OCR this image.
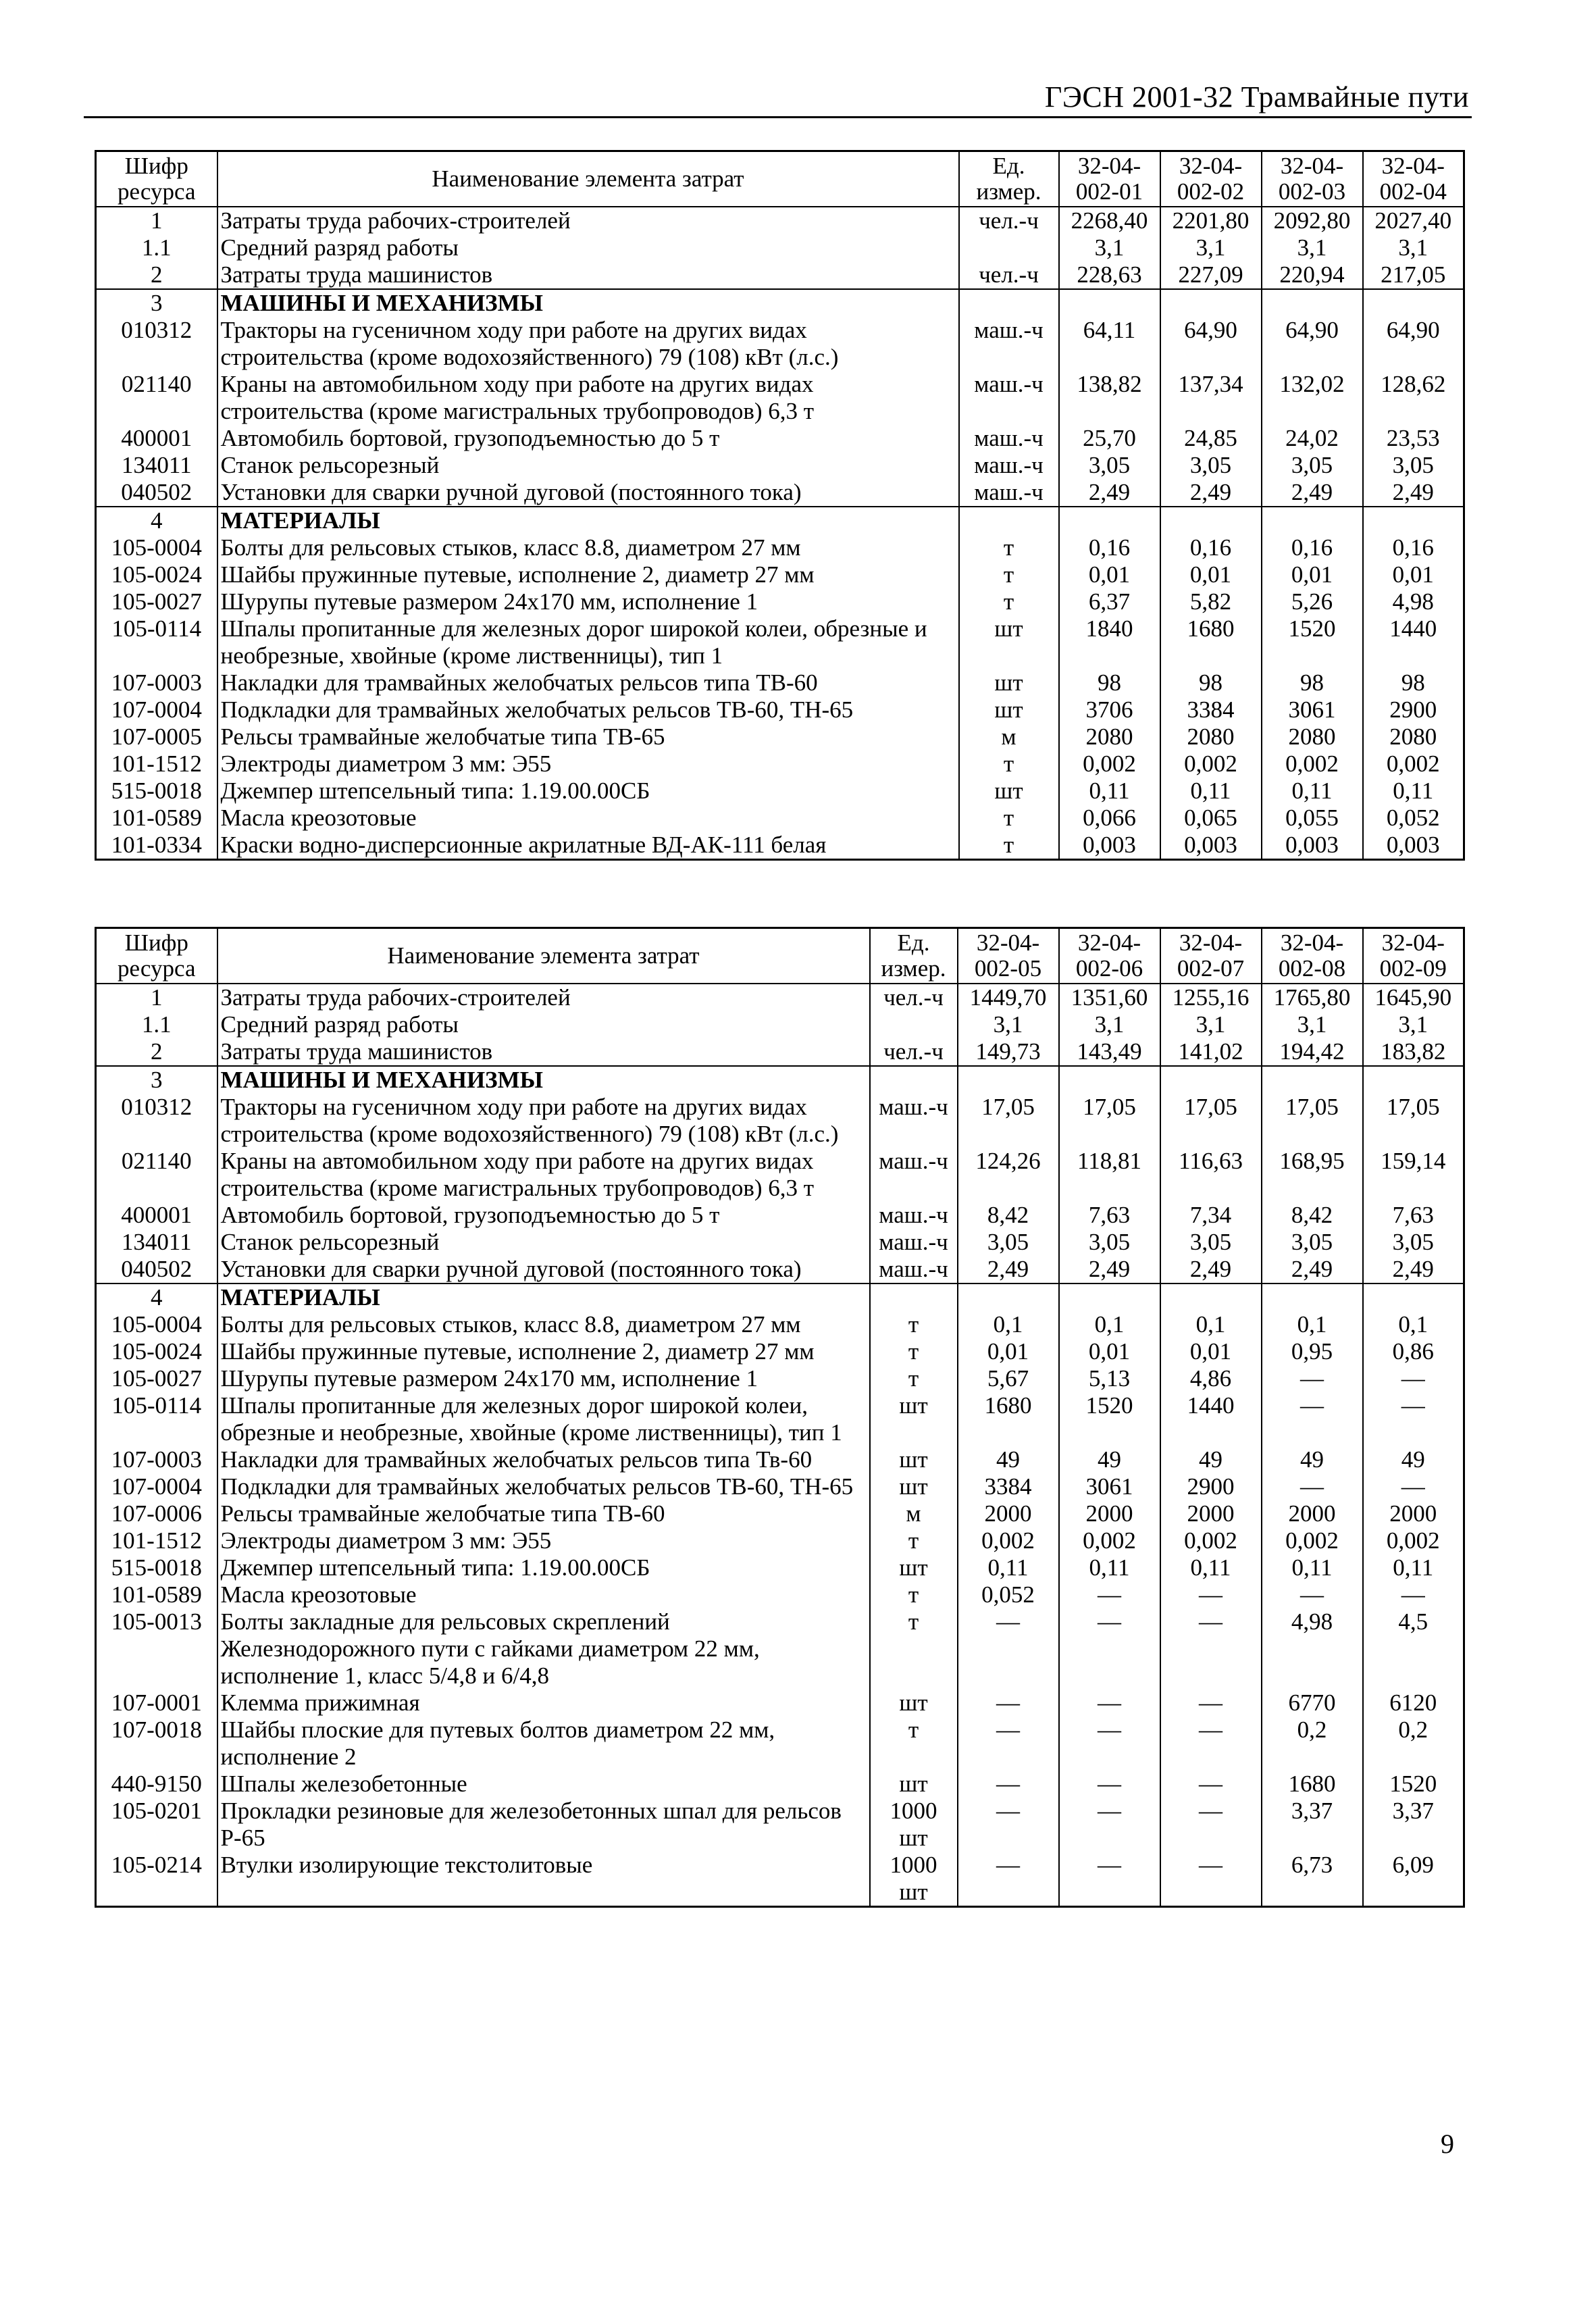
ГЭСН 2001-32 Трамвайные пути
Шифр ресурса	Наименование элемента затрат	Ед. измер.	32-04-002-01	32-04-002-02	32-04-002-03	32-04-002-04
1	Затраты труда рабочих-строителей	чел.-ч	2268,40	2201,80	2092,80	2027,40
1.1	Средний разряд работы		3,1	3,1	3,1	3,1
2	Затраты труда машинистов	чел.-ч	228,63	227,09	220,94	217,05
3	МАШИНЫ И МЕХАНИЗМЫ					
010312	Тракторы на гусеничном ходу при работе на других видах строительства (кроме водохозяйственного) 79 (108) кВт (л.с.)	маш.-ч	64,11	64,90	64,90	64,90
021140	Краны на автомобильном ходу при работе на других видах строительства (кроме магистральных трубопроводов) 6,3 т	маш.-ч	138,82	137,34	132,02	128,62
400001	Автомобиль бортовой, грузоподъемностью до 5 т	маш.-ч	25,70	24,85	24,02	23,53
134011	Станок рельсорезный	маш.-ч	3,05	3,05	3,05	3,05
040502	Установки для сварки ручной дуговой (постоянного тока)	маш.-ч	2,49	2,49	2,49	2,49
4	МАТЕРИАЛЫ					
105-0004	Болты для рельсовых стыков, класс 8.8, диаметром 27 мм	т	0,16	0,16	0,16	0,16
105-0024	Шайбы пружинные путевые, исполнение 2, диаметр 27 мм	т	0,01	0,01	0,01	0,01
105-0027	Шурупы путевые размером 24х170 мм, исполнение 1	т	6,37	5,82	5,26	4,98
105-0114	Шпалы пропитанные для железных дорог широкой колеи, обрезные и необрезные, хвойные (кроме лиственницы), тип 1	шт	1840	1680	1520	1440
107-0003	Накладки для трамвайных желобчатых рельсов типа ТВ-60	шт	98	98	98	98
107-0004	Подкладки для трамвайных желобчатых рельсов ТВ-60, ТН-65	шт	3706	3384	3061	2900
107-0005	Рельсы трамвайные желобчатые типа ТВ-65	м	2080	2080	2080	2080
101-1512	Электроды диаметром 3 мм: Э55	т	0,002	0,002	0,002	0,002
515-0018	Джемпер штепсельный типа: 1.19.00.00СБ	шт	0,11	0,11	0,11	0,11
101-0589	Масла креозотовые	т	0,066	0,065	0,055	0,052
101-0334	Краски водно-дисперсионные акрилатные ВД-АК-111 белая	т	0,003	0,003	0,003	0,003
Шифр ресурса	Наименование элемента затрат	Ед. измер.	32-04-002-05	32-04-002-06	32-04-002-07	32-04-002-08	32-04-002-09
1	Затраты труда рабочих-строителей	чел.-ч	1449,70	1351,60	1255,16	1765,80	1645,90
1.1	Средний разряд работы		3,1	3,1	3,1	3,1	3,1
2	Затраты труда машинистов	чел.-ч	149,73	143,49	141,02	194,42	183,82
3	МАШИНЫ И МЕХАНИЗМЫ						
010312	Тракторы на гусеничном ходу при работе на других видах строительства (кроме водохозяйственного) 79 (108) кВт (л.с.)	маш.-ч	17,05	17,05	17,05	17,05	17,05
021140	Краны на автомобильном ходу при работе на других видах строительства (кроме магистральных трубопроводов) 6,3 т	маш.-ч	124,26	118,81	116,63	168,95	159,14
400001	Автомобиль бортовой, грузоподъемностью до 5 т	маш.-ч	8,42	7,63	7,34	8,42	7,63
134011	Станок рельсорезный	маш.-ч	3,05	3,05	3,05	3,05	3,05
040502	Установки для сварки ручной дуговой (постоянного тока)	маш.-ч	2,49	2,49	2,49	2,49	2,49
4	МАТЕРИАЛЫ						
105-0004	Болты для рельсовых стыков, класс 8.8, диаметром 27 мм	т	0,1	0,1	0,1	0,1	0,1
105-0024	Шайбы пружинные путевые, исполнение 2, диаметр 27 мм	т	0,01	0,01	0,01	0,95	0,86
105-0027	Шурупы путевые размером 24х170 мм, исполнение 1	т	5,67	5,13	4,86	—	—
105-0114	Шпалы пропитанные для железных дорог широкой колеи, обрезные и необрезные, хвойные (кроме лиственницы), тип 1	шт	1680	1520	1440	—	—
107-0003	Накладки для трамвайных желобчатых рельсов типа Тв-60	шт	49	49	49	49	49
107-0004	Подкладки для трамвайных желобчатых рельсов ТВ-60, ТН-65	шт	3384	3061	2900	—	—
107-0006	Рельсы трамвайные желобчатые типа ТВ-60	м	2000	2000	2000	2000	2000
101-1512	Электроды диаметром 3 мм: Э55	т	0,002	0,002	0,002	0,002	0,002
515-0018	Джемпер штепсельный типа: 1.19.00.00СБ	шт	0,11	0,11	0,11	0,11	0,11
101-0589	Масла креозотовые	т	0,052	—	—	—	—
105-0013	Болты закладные для рельсовых скреплений Железнодорожного пути с гайками диаметром 22 мм, исполнение 1, класс 5/4,8 и 6/4,8	т	—	—	—	4,98	4,5
107-0001	Клемма прижимная	шт	—	—	—	6770	6120
107-0018	Шайбы плоские для путевых болтов диаметром 22 мм, исполнение 2	т	—	—	—	0,2	0,2
440-9150	Шпалы железобетонные	шт	—	—	—	1680	1520
105-0201	Прокладки резиновые для железобетонных шпал для рельсов Р-65	1000 шт	—	—	—	3,37	3,37
105-0214	Втулки изолирующие текстолитовые	1000 шт	—	—	—	6,73	6,09
9
